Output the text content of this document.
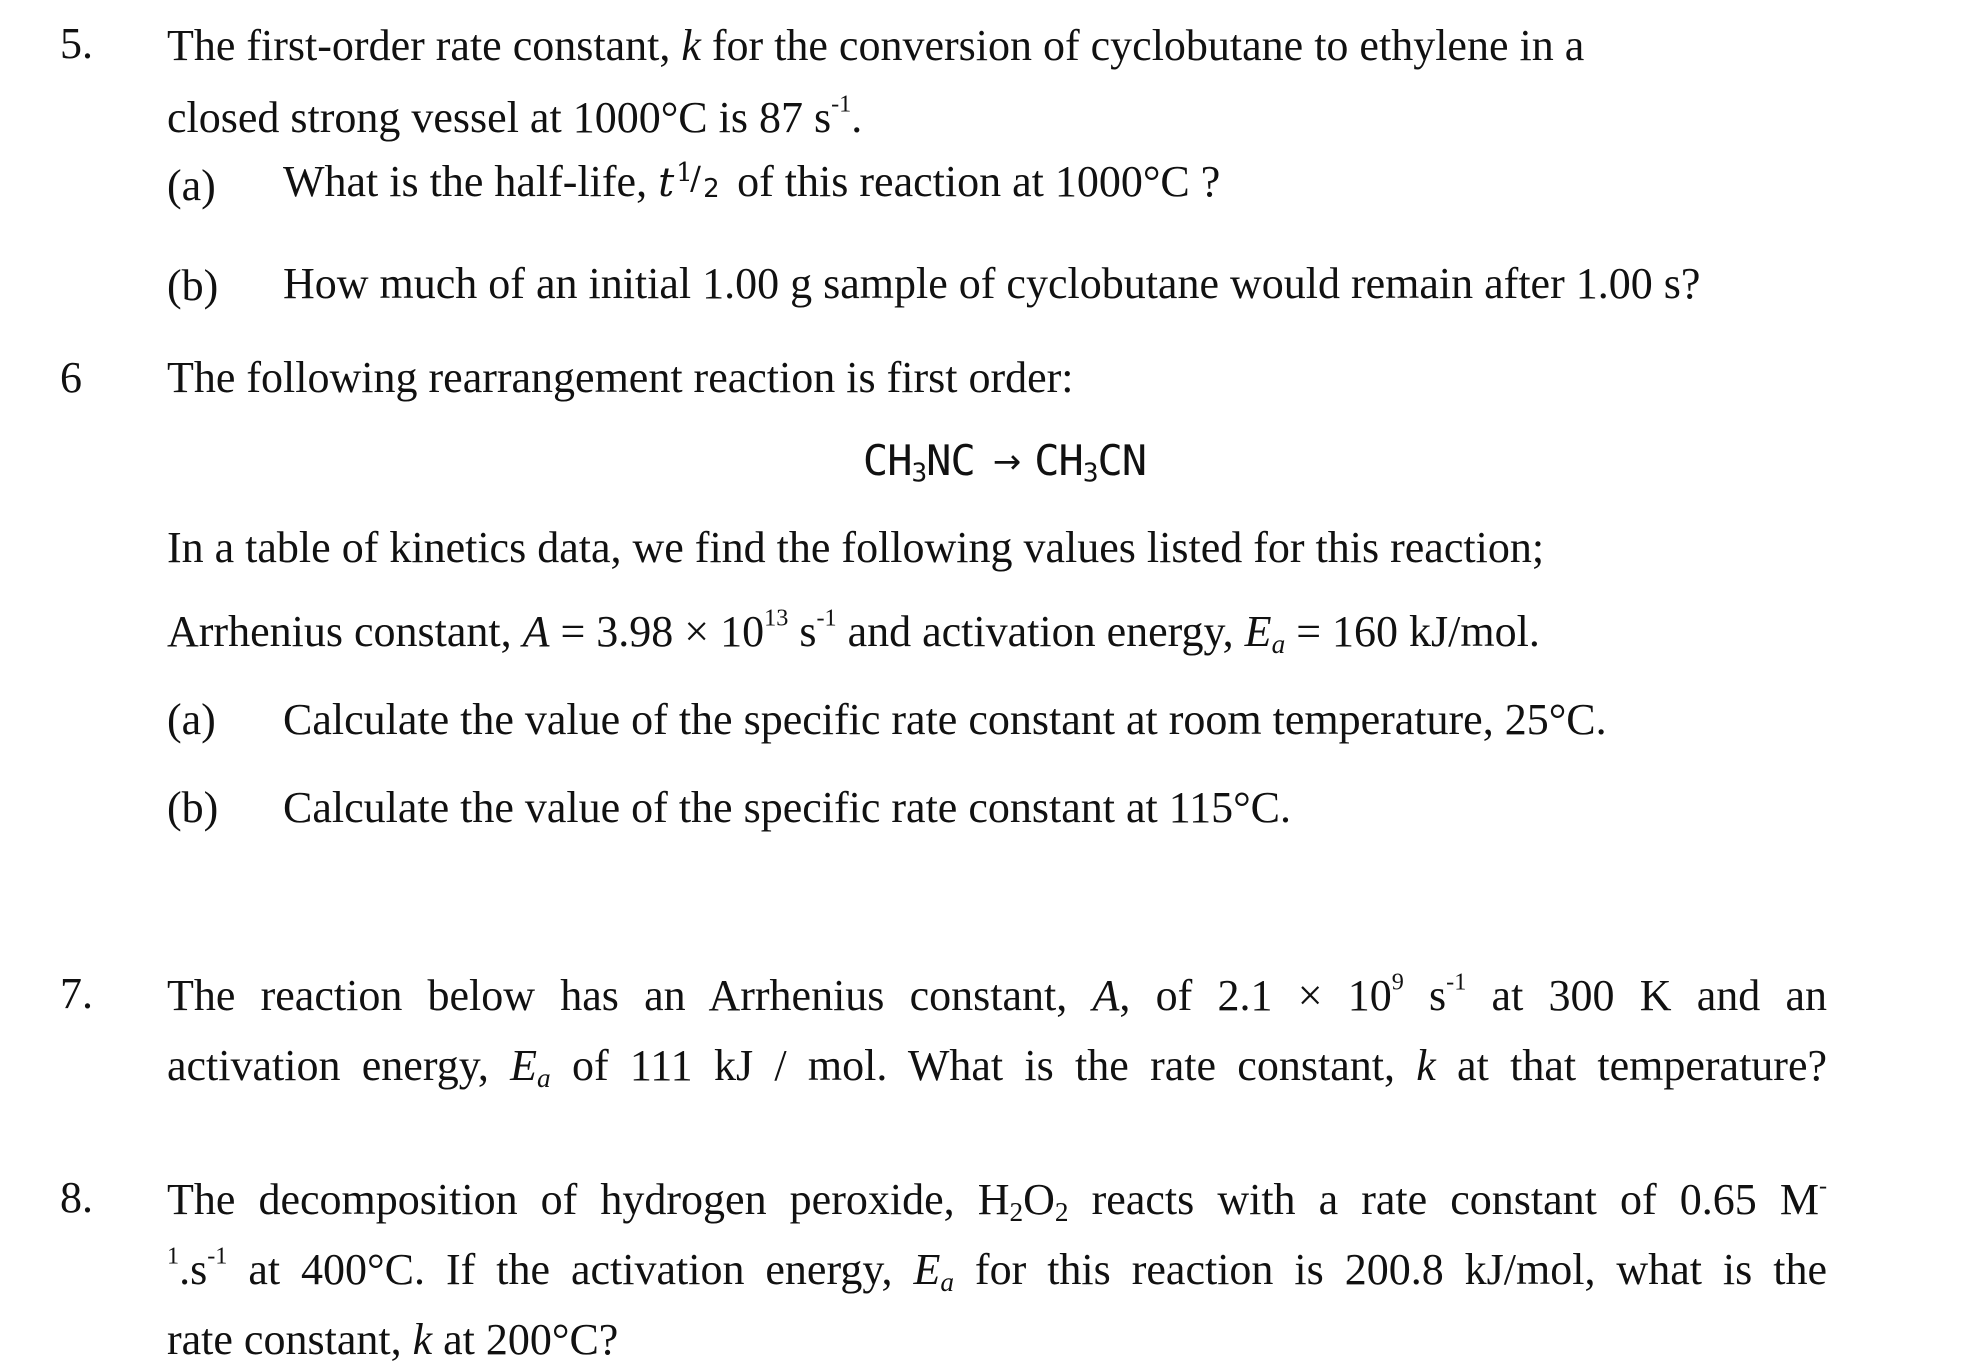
5. The first-order rate constant, k for the conversion of cyclobutane to ethylene in a
closed strong vessel at 1000°C is 87 $s^{-1}$.
(a) What is the half-life, t 1
/ 2 of this reaction at 1000°C ?
(b) How much of an initial 1.00 g sample of cyclobutane would remain after 1.00 s?
6 The following rearrangement reaction is first order:
$CH_3NC \to CH_3CN$
In a table of kinetics data, we find the following values listed for this reaction;
Arrhenius constant, $A = 3.98 \times 10^{13}$ $s^{-1}$ and activation energy, $E_a = 160$ kJ/mol.
(a) Calculate the value of the specific rate constant at room temperature, 25°C.
(b) Calculate the value of the specific rate constant at 115°C.
7. The reaction below has an Arrhenius constant, A, of $2.1 \times 10^9$ $s^{-1}$ at 300 K and an
activation energy, $E_a$ of 111 kJ / mol. What is the rate constant, k at that temperature?
8. The decomposition of hydrogen peroxide, $H_2O_2$ reacts with a rate constant of 0.65 M-
$^1.s^{-1}$ at 400°C. If the activation energy, $E_a$ for this reaction is 200.8 kJ/mol, what is the
rate constant, k at 200°C?
